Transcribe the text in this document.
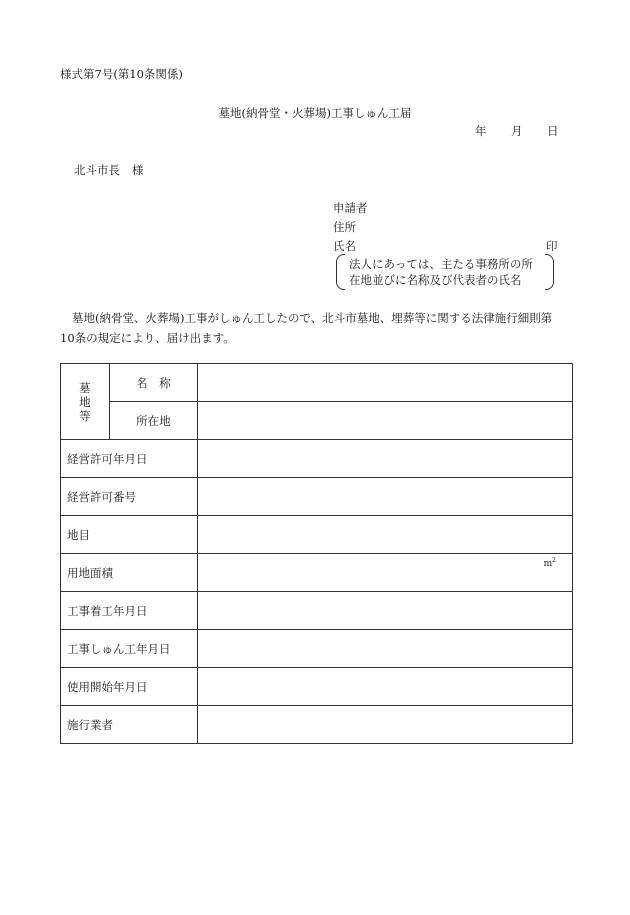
様式第7号(第10条関係)
墓地(納骨堂・火葬場)工事しゅん工届
年 月 日
北斗市長 様
申請者
住所
氏名	印
法人にあっては、主たる事務所の所
在地並びに名称及び代表者の氏名
墓地(納骨堂、火葬場)工事がしゅん工したので、北斗市墓地、埋葬等に関する法律施行細則第
10条の規定により、届け出ます。
墓地等	名　称	
	所在地	
経営許可年月日		
経営許可番号		
地目		
用地面積		$m^2$

工事着工年月日		
工事しゅん工年月日		
使用開始年月日		
施行業者		
